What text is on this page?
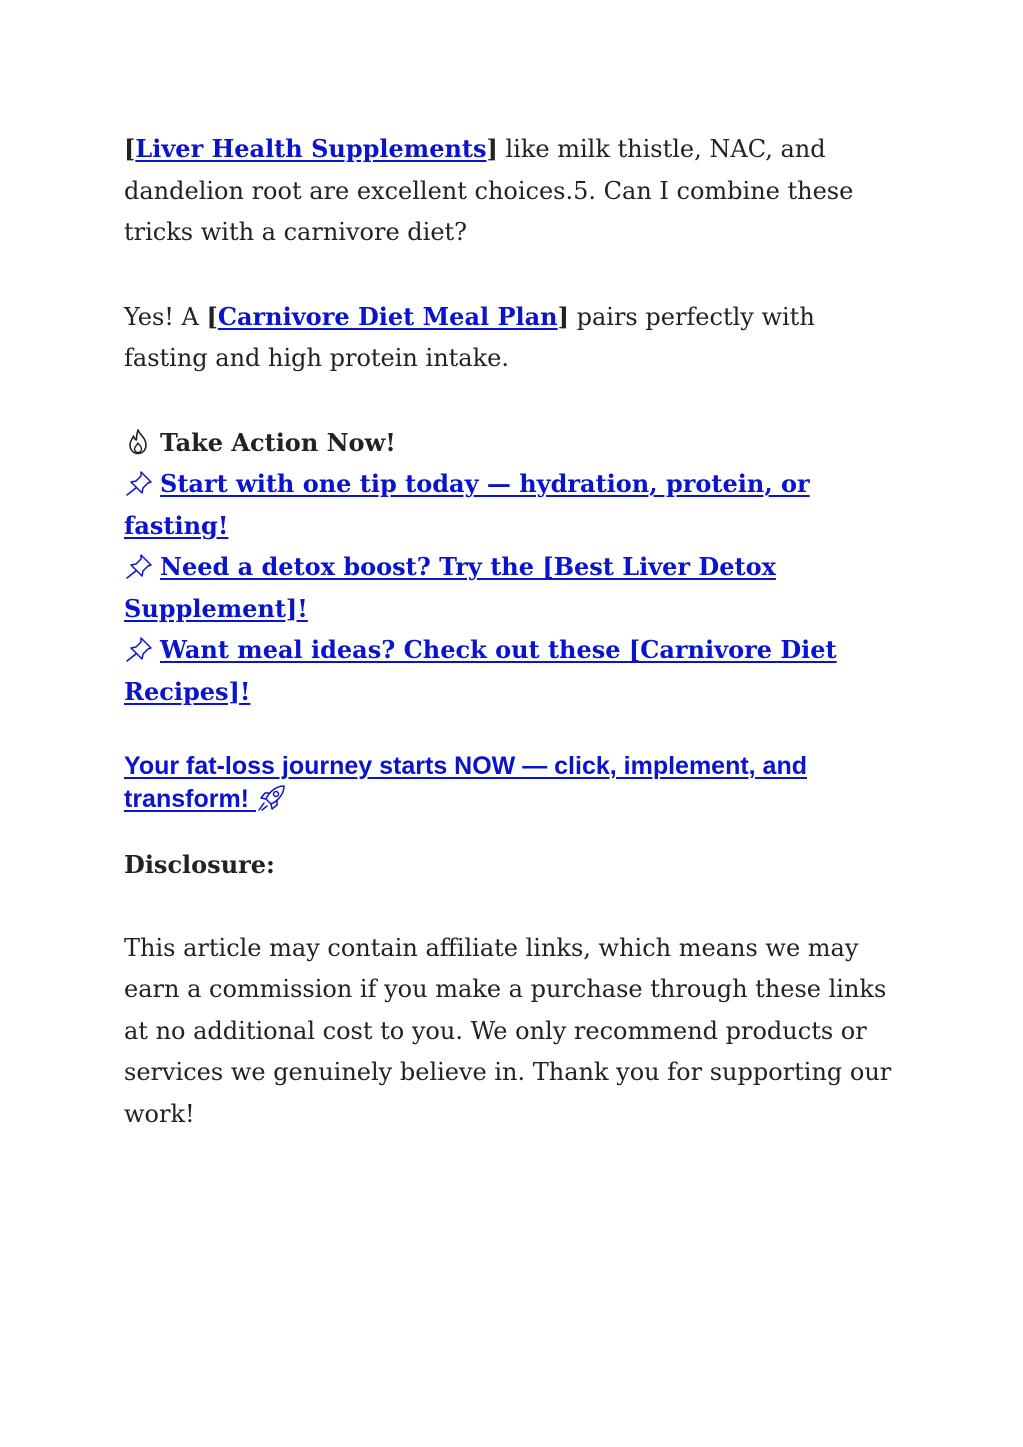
[Liver Health Supplements] like milk thistle, NAC, and dandelion root are excellent choices.5. Can I combine these tricks with a carnivore diet?

Yes! A [Carnivore Diet Meal Plan] pairs perfectly with fasting and high protein intake.

Take Action Now!

Start with one tip today — hydration, protein, or fasting!

Need a detox boost? Try the [Best Liver Detox Supplement]!

Want meal ideas? Check out these [Carnivore Diet Recipes]!

Your fat-loss journey starts NOW — click, implement, and transform!

Disclosure:

This article may contain affiliate links, which means we may earn a commission if you make a purchase through these links at no additional cost to you. We only recommend products or services we genuinely believe in. Thank you for supporting our work!
